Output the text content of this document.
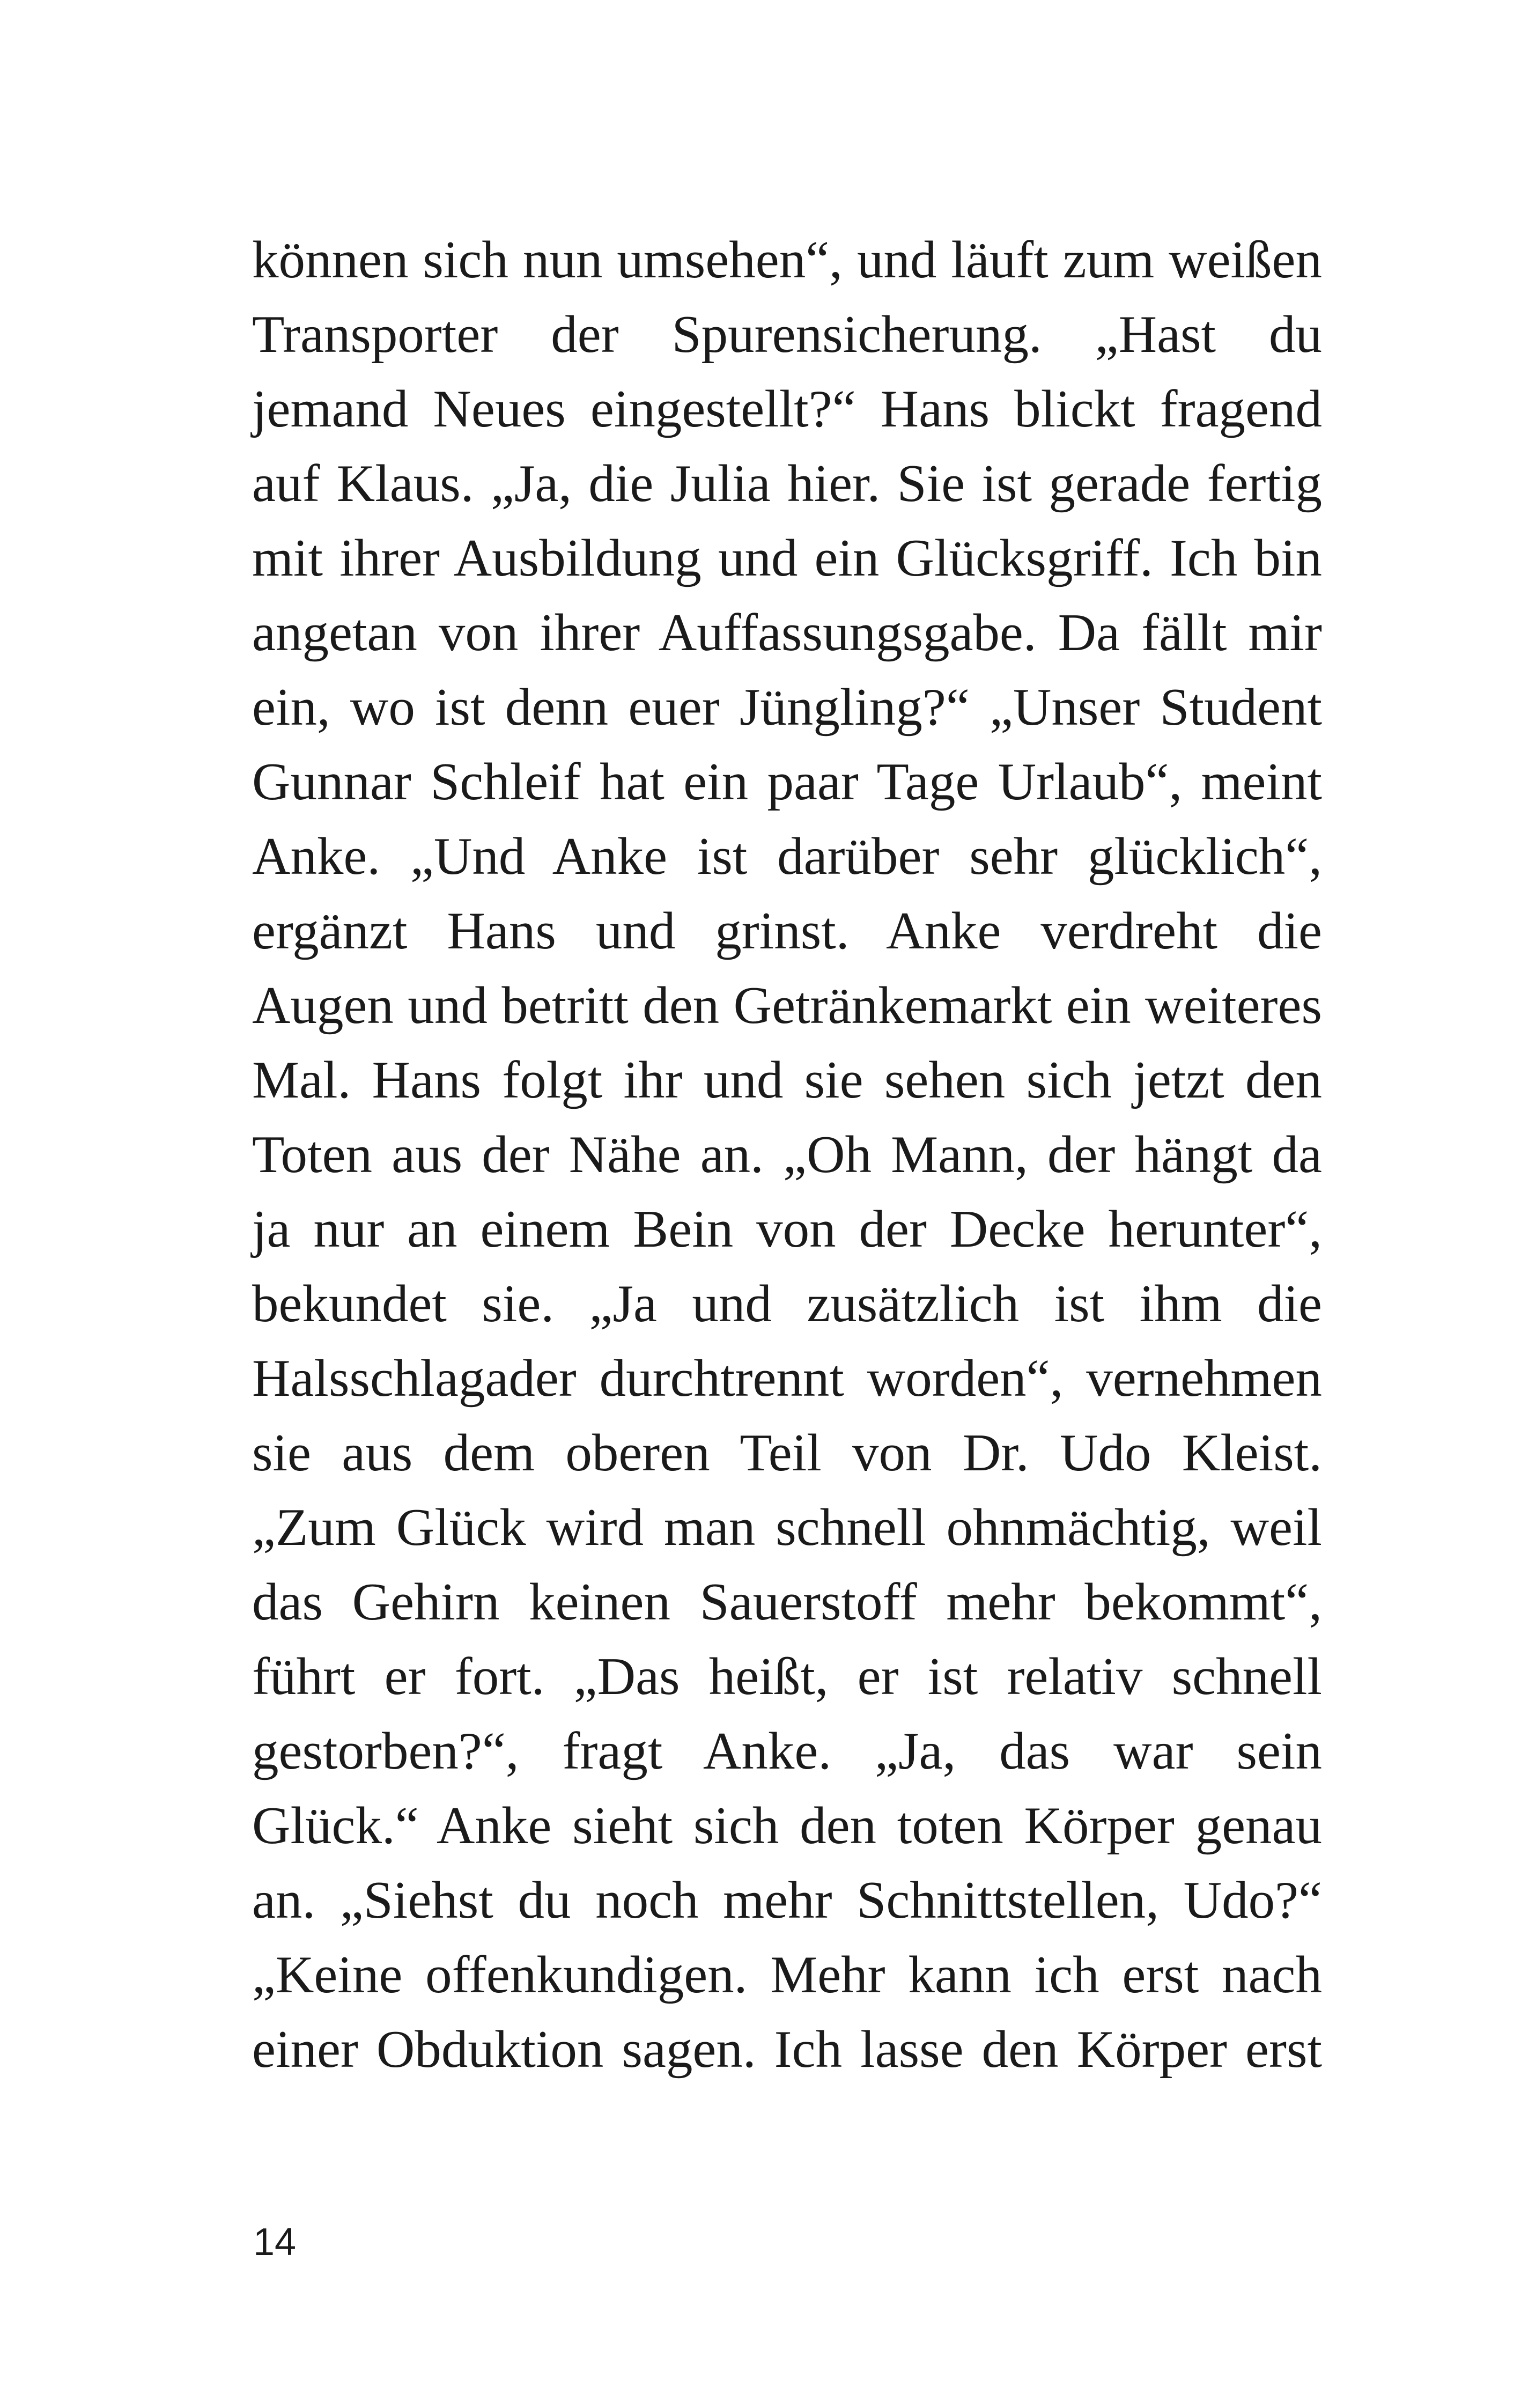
können sich nun umsehen“, und läuft zum weißen
Transporter der Spurensicherung. „Hast du
jemand Neues eingestellt?“ Hans blickt fragend
auf Klaus. „Ja, die Julia hier. Sie ist gerade fertig
mit ihrer Ausbildung und ein Glücksgriff. Ich bin
angetan von ihrer Auffassungsgabe. Da fällt mir
ein, wo ist denn euer Jüngling?“ „Unser Student
Gunnar Schleif hat ein paar Tage Urlaub“, meint
Anke. „Und Anke ist darüber sehr glücklich“,
ergänzt Hans und grinst. Anke verdreht die
Augen und betritt den Getränkemarkt ein weiteres
Mal. Hans folgt ihr und sie sehen sich jetzt den
Toten aus der Nähe an. „Oh Mann, der hängt da
ja nur an einem Bein von der Decke herunter“,
bekundet sie. „Ja und zusätzlich ist ihm die
Halsschlagader durchtrennt worden“, vernehmen
sie aus dem oberen Teil von Dr. Udo Kleist.
„Zum Glück wird man schnell ohnmächtig, weil
das Gehirn keinen Sauerstoff mehr bekommt“,
führt er fort. „Das heißt, er ist relativ schnell
gestorben?“, fragt Anke. „Ja, das war sein
Glück.“ Anke sieht sich den toten Körper genau
an. „Siehst du noch mehr Schnittstellen, Udo?“
„Keine offenkundigen. Mehr kann ich erst nach
einer Obduktion sagen. Ich lasse den Körper erst
14
